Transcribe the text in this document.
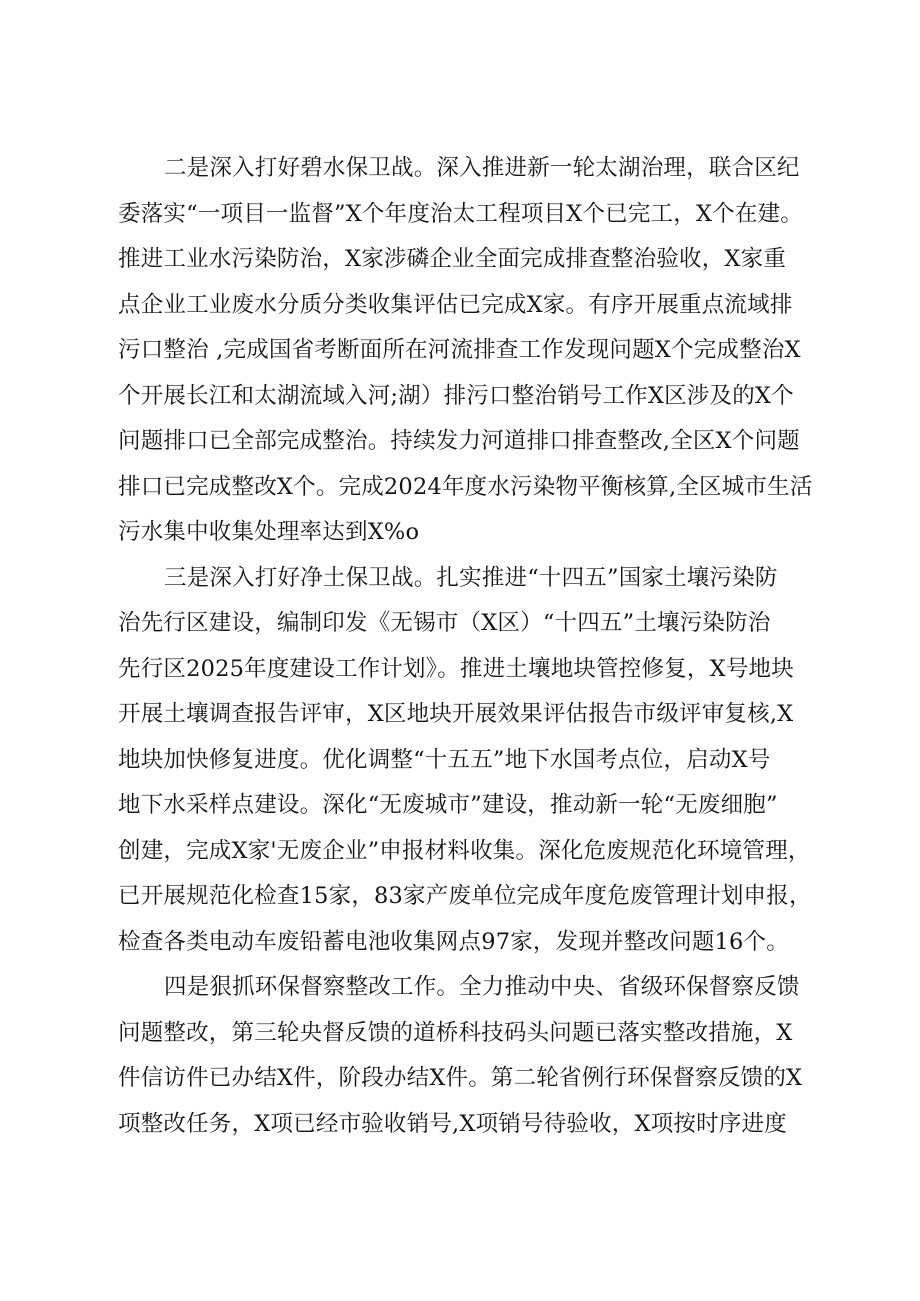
二是深入打好碧水保卫战。深入推进新一轮太湖治理，联合区纪
委落实“一项目一监督”X个年度治太工程项目X个已完工，X个在建。
推进工业水污染防治，X家涉磷企业全面完成排查整治验收，X家重
点企业工业废水分质分类收集评估已完成X家。有序开展重点流域排
污口整治 ,完成国省考断面所在河流排查工作发现问题X个完成整治X
个开展长江和太湖流域入河;湖）排污口整治销号工作X区涉及的X个
问题排口已全部完成整治。持续发力河道排口排查整改,全区X个问题
排口已完成整改X个。完成2024年度水污染物平衡核算,全区城市生活
污水集中收集处理率达到X%o
三是深入打好净土保卫战。扎实推进“十四五”国家土壤污染防
治先行区建设，编制印发《无锡市（X区）“十四五”土壤污染防治
先行区2025年度建设工作计划》。推进土壤地块管控修复，X号地块
开展土壤调查报告评审，X区地块开展效果评估报告市级评审复核,X
地块加快修复进度。优化调整“十五五”地下水国考点位，启动X号
地下水采样点建设。深化“无废城市”建设，推动新一轮“无废细胞”
创建，完成X家'无废企业”申报材料收集。深化危废规范化环境管理，
已开展规范化检查15家，83家产废单位完成年度危废管理计划申报，
检查各类电动车废铅蓄电池收集网点97家，发现并整改问题16个。
四是狠抓环保督察整改工作。全力推动中央、省级环保督察反馈
问题整改，第三轮央督反馈的道桥科技码头问题已落实整改措施，X
件信访件已办结X件，阶段办结X件。第二轮省例行环保督察反馈的X
项整改任务，X项已经市验收销号,X项销号待验收，X项按时序进度
